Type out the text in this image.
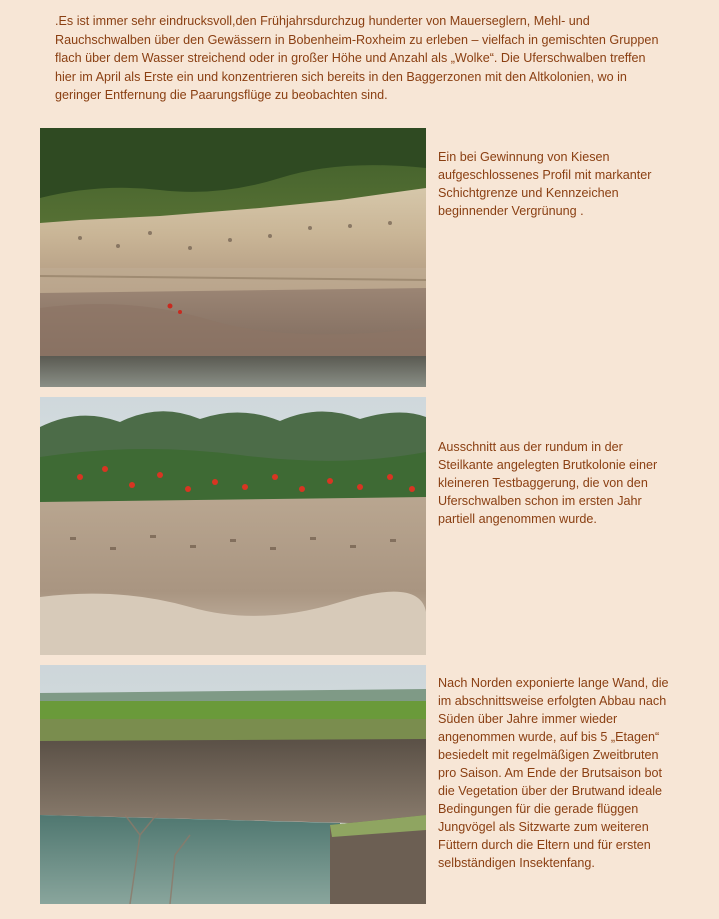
.Es ist immer sehr eindrucksvoll,den Frühjahrsdurchzug hunderter von Mauerseglern, Mehl- und Rauchschwalben über den Gewässern in Bobenheim-Roxheim zu erleben – vielfach in gemischten Gruppen flach über dem Wasser streichend oder in großer Höhe und Anzahl als „Wolke“. Die Uferschwalben treffen hier im April als Erste ein und konzentrieren sich bereits in den Baggerzonen mit den Altkolonien, wo in geringer Entfernung die Paarungsflüge zu beobachten sind.

Ein bei Gewinnung von Kiesen aufgeschlossenes Profil mit markanter Schichtgrenze und Kennzeichen beginnender Vergrünung .

Ausschnitt aus der rundum in der Steilkante angelegten Brutkolonie einer kleineren Testbaggerung, die von den Uferschwalben schon im ersten Jahr partiell angenommen wurde.

Nach Norden exponierte lange Wand, die im abschnittsweise erfolgten Abbau nach Süden über Jahre immer wieder angenommen wurde, auf bis 5 „Etagen“ besiedelt mit regelmäßigen Zweitbruten pro Saison. Am Ende der Brutsaison bot die Vegetation über der Brutwand ideale Bedingungen für die gerade flüggen Jungvögel als Sitzwarte zum weiteren Füttern durch die Eltern und für ersten selbständigen Insektenfang.
